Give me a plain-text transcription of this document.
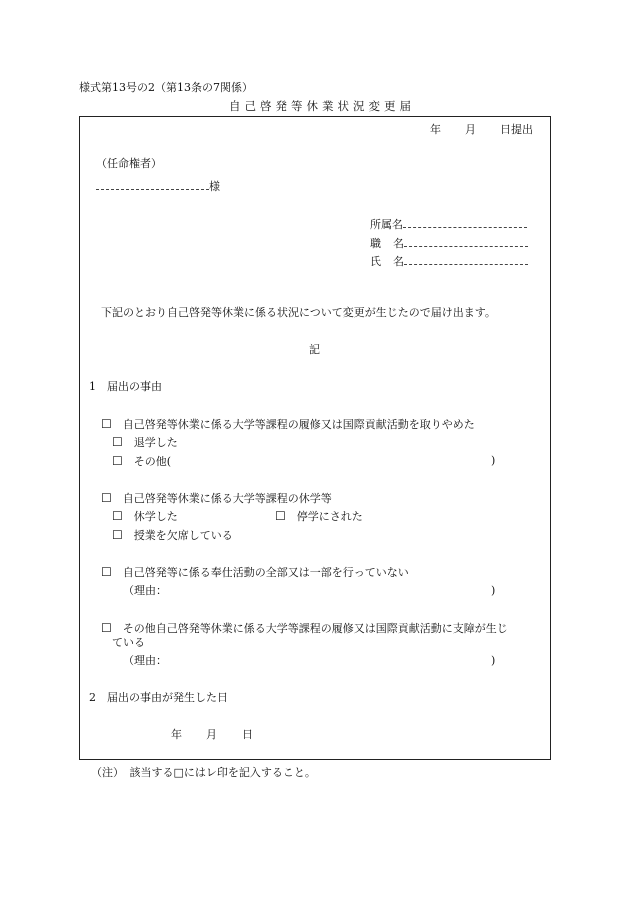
様式第13号の2（第13条の7関係）
自己啓発等休業状況変更届
年 月 日提出
（任命権者）
様
所属名
職名
氏名
下記のとおり自己啓発等休業に係る状況について変更が生じたので届け出ます。
記
1　届出の事由
☐　 自己啓発等休業に係る大学等課程の履修又は国際貢献活動を取りやめた
☐　 退学した
☐　 その他(	)
☐　 自己啓発等休業に係る大学等課程の休学等
☐　 休学した	☐　 停学にされた
☐　 授業を欠席している
☐　 自己啓発等に係る奉仕活動の全部又は一部を行っていない
（理由：	)
☐　 その他自己啓発等休業に係る大学等課程の履修又は国際貢献活動に支障が生じ
ている
（理由：	)
2　届出の事由が発生した日
年 月 日
（注）　該当する□にはレ印を記入すること。
